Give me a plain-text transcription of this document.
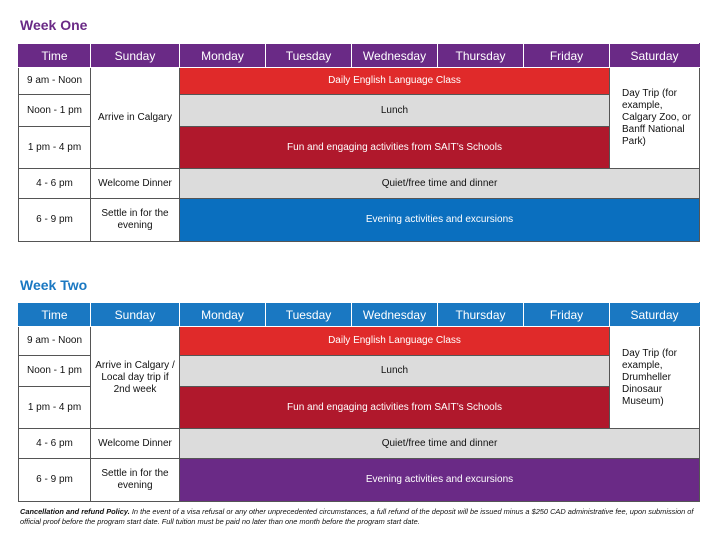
Week One
Time	Sunday	Monday	Tuesday	Wednesday	Thursday	Friday	Saturday
9 am - Noon	Arrive in Calgary	Daily English Language Class					Day Trip (for example, Calgary Zoo, or Banff National Park)
Noon - 1 pm		Lunch					
1 pm - 4 pm		Fun and engaging activities from SAIT’s Schools					
4 - 6 pm	Welcome Dinner	Quiet/free time and dinner					
6 - 9 pm	Settle in for the evening	Evening activities and excursions					
Week Two
Time	Sunday	Monday	Tuesday	Wednesday	Thursday	Friday	Saturday
9 am - Noon	Arrive in Calgary / Local day trip if 2nd week	Daily English Language Class					Day Trip (for example, Drumheller Dinosaur Museum)
Noon - 1 pm		Lunch					
1 pm - 4 pm		Fun and engaging activities from SAIT’s Schools					
4 - 6 pm	Welcome Dinner	Quiet/free time and dinner					
6 - 9 pm	Settle in for the evening	Evening activities and excursions					
Cancellation and refund Policy. In the event of a visa refusal or any other unprecedented circumstances, a full refund of the deposit will be issued minus a $250 CAD administrative fee, upon submission of official proof before the program start date. Full tuition must be paid no later than one month before the program start date.
